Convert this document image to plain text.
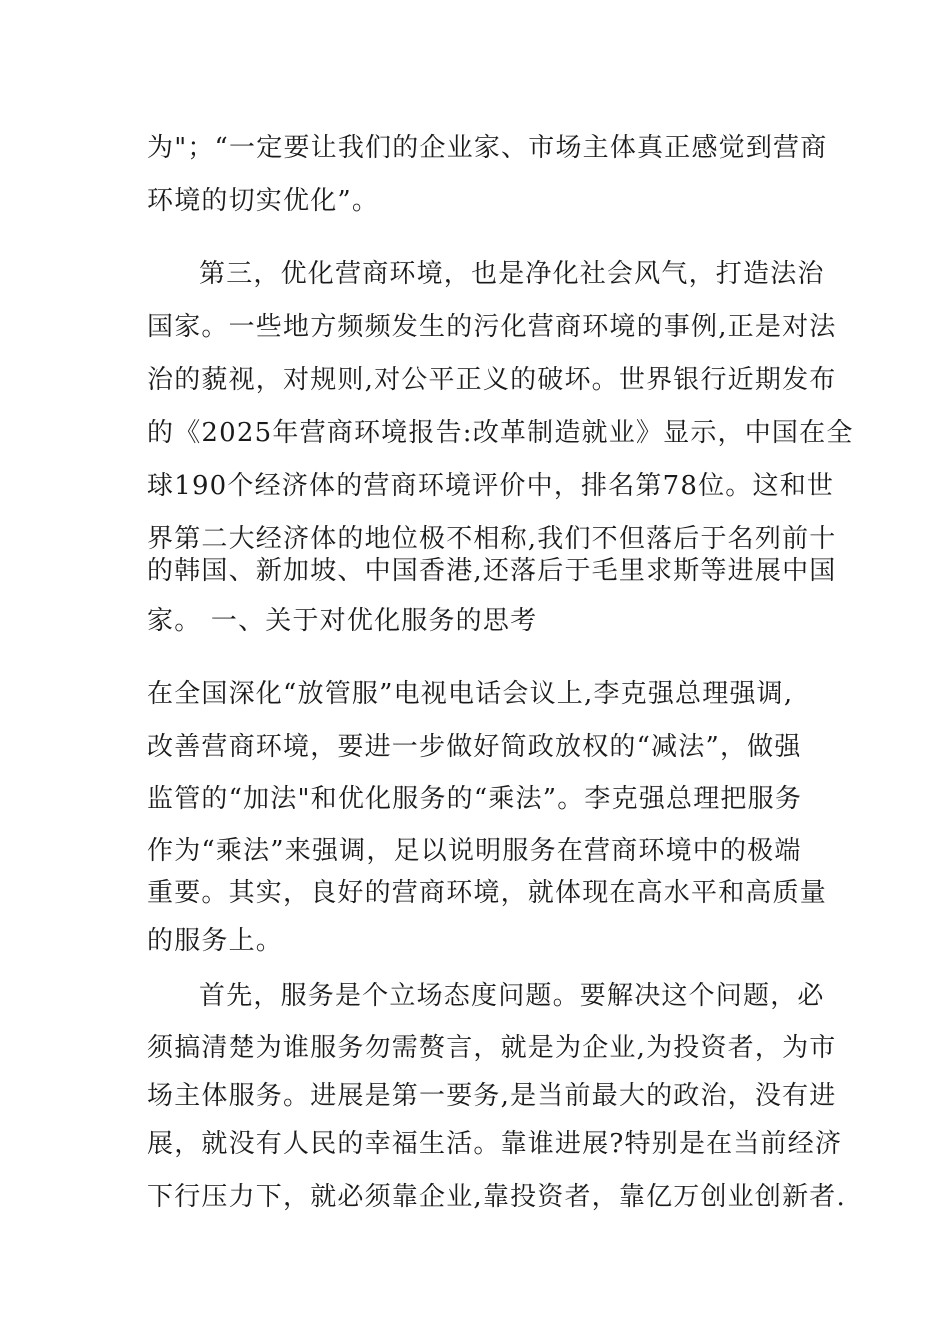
为"；“一定要让我们的企业家、市场主体真正感觉到营商
环境的切实优化”。
第三，优化营商环境，也是净化社会风气，打造法治
国家。一些地方频频发生的污化营商环境的事例,正是对法
治的藐视，对规则,对公平正义的破坏。世界银行近期发布
的《2025年营商环境报告:改革制造就业》显示，中国在全
球190个经济体的营商环境评价中，排名第78位。这和世
界第二大经济体的地位极不相称,我们不但落后于名列前十
的韩国、新加坡、中国香港,还落后于毛里求斯等进展中国
家。 一、关于对优化服务的思考
在全国深化“放管服”电视电话会议上,李克强总理强调,
改善营商环境，要进一步做好简政放权的“减法”，做强
监管的“加法"和优化服务的“乘法”。李克强总理把服务
作为“乘法”来强调，足以说明服务在营商环境中的极端
重要。其实，良好的营商环境，就体现在高水平和高质量
的服务上。
首先，服务是个立场态度问题。要解决这个问题，必
须搞清楚为谁服务勿需赘言，就是为企业,为投资者，为市
场主体服务。进展是第一要务,是当前最大的政治，没有进
展，就没有人民的幸福生活。靠谁进展?特别是在当前经济
下行压力下，就必须靠企业,靠投资者，靠亿万创业创新者.
